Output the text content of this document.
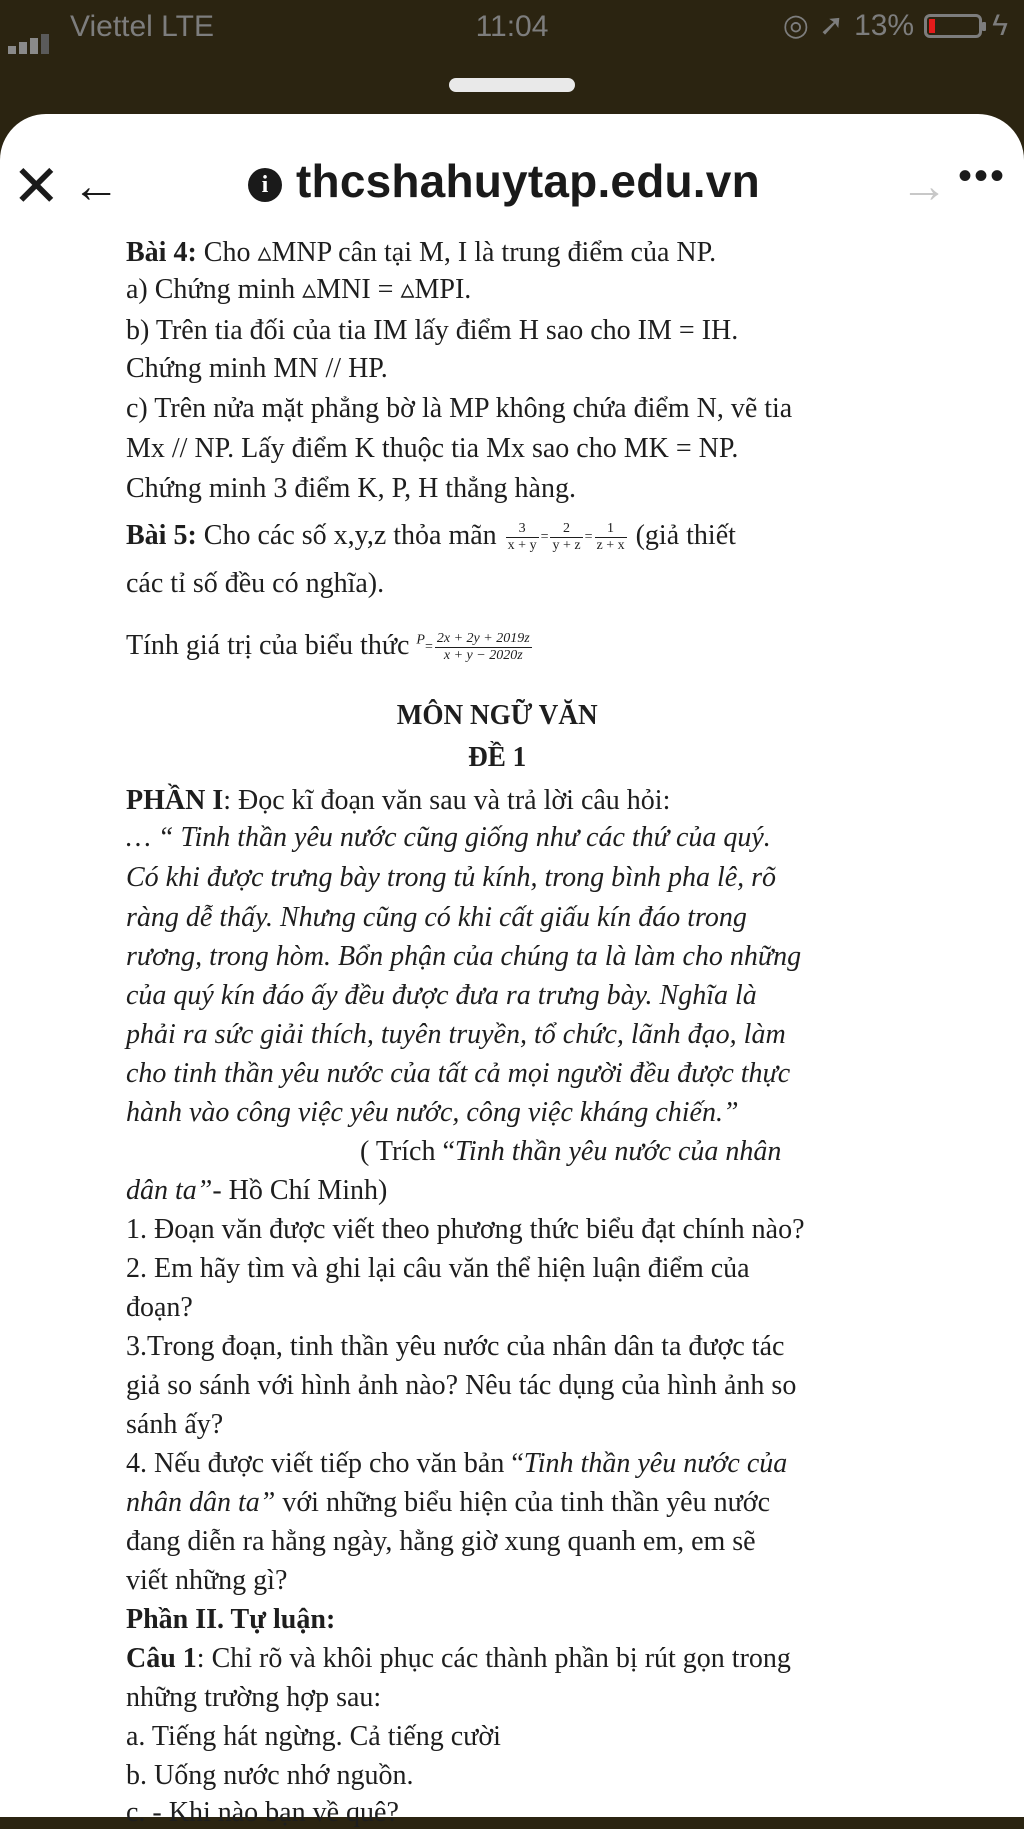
Viettel LTE	11:04	◎ ➚ 13%	ϟ
✕ ←	i thcshahuytap.edu.vn	→ •••
Bài 4: Cho ▵MNP cân tại M, I là trung điểm của NP.
a) Chứng minh ▵MNI = ▵MPI.
b) Trên tia đối của tia IM lấy điểm H sao cho IM = IH.
Chứng minh MN // HP.
c) Trên nửa mặt phẳng bờ là MP không chứa điểm N, vẽ tia
Mx // NP. Lấy điểm K thuộc tia Mx sao cho MK = NP.
Chứng minh 3 điểm K, P, H thẳng hàng.
Bài 5: Cho các số x,y,z thỏa mãn $\frac{3}{x + y} = \frac{2}{y + z} = \frac{1}{z + x}$ (giả thiết
các tỉ số đều có nghĩa).
Tính giá trị của biểu thức $^P= \frac{2x + 2y + 2019z}{x + y - 2020z}$
MÔN NGỮ VĂN
ĐỀ 1
PHẦN I: Đọc kĩ đoạn văn sau và trả lời câu hỏi:
… “ Tinh thần yêu nước cũng giống như các thứ của quý.
Có khi được trưng bày trong tủ kính, trong bình pha lê, rõ
ràng dễ thấy. Nhưng cũng có khi cất giấu kín đáo trong
rương, trong hòm. Bổn phận của chúng ta là làm cho những
của quý kín đáo ấy đều được đưa ra trưng bày. Nghĩa là
phải ra sức giải thích, tuyên truyền, tổ chức, lãnh đạo, làm
cho tinh thần yêu nước của tất cả mọi người đều được thực
hành vào công việc yêu nước, công việc kháng chiến.”
( Trích “Tinh thần yêu nước của nhân
dân ta”- Hồ Chí Minh)
1. Đoạn văn được viết theo phương thức biểu đạt chính nào?
2. Em hãy tìm và ghi lại câu văn thể hiện luận điểm của
đoạn?
3.Trong đoạn, tinh thần yêu nước của nhân dân ta được tác
giả so sánh với hình ảnh nào? Nêu tác dụng của hình ảnh so
sánh ấy?
4. Nếu được viết tiếp cho văn bản “Tinh thần yêu nước của
nhân dân ta” với những biểu hiện của tinh thần yêu nước
đang diễn ra hằng ngày, hằng giờ xung quanh em, em sẽ
viết những gì?
Phần II. Tự luận:
Câu 1: Chỉ rõ và khôi phục các thành phần bị rút gọn trong
những trường hợp sau:
a. Tiếng hát ngừng. Cả tiếng cười
b. Uống nước nhớ nguồn.
c. - Khi nào bạn về quê?
